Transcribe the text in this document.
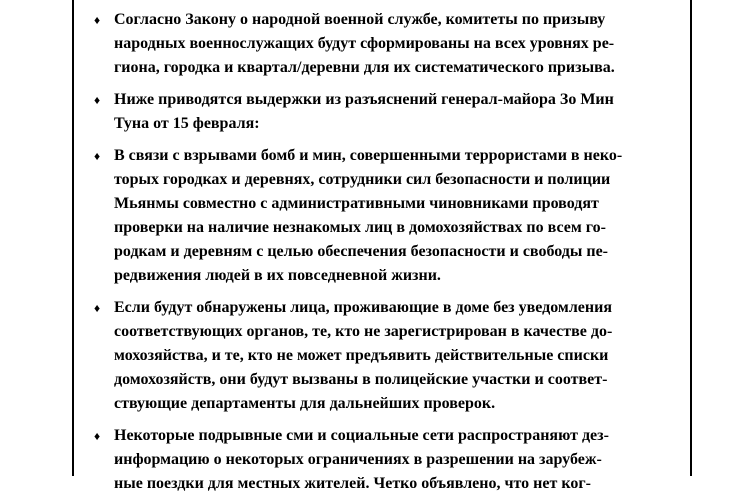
♦ Согласно Закону о народной военной службе, комитеты по призыву
народных военнослужащих будут сформированы на всех уровнях ре-
гиона, городка и квартал/деревни для их систематического призыва.
♦ Ниже приводятся выдержки из разъяснений генерал-майора Зо Мин
Туна от 15 февраля:
♦ В связи с взрывами бомб и мин, совершенными террористами в неко-
торых городках и деревнях, сотрудники сил безопасности и полиции
Мьянмы совместно с административными чиновниками проводят
проверки на наличие незнакомых лиц в домохозяйствах по всем го-
родкам и деревням с целью обеспечения безопасности и свободы пе-
редвижения людей в их повседневной жизни.
♦ Если будут обнаружены лица, проживающие в доме без уведомления
соответствующих органов, те, кто не зарегистрирован в качестве до-
мохозяйства, и те, кто не может предъявить действительные списки
домохозяйств, они будут вызваны в полицейские участки и соответ-
ствующие департаменты для дальнейших проверок.
♦ Некоторые подрывные сми и социальные сети распространяют дез-
информацию о некоторых ограничениях в разрешении на зарубеж-
ные поездки для местных жителей. Четко объявлено, что нет ког-
